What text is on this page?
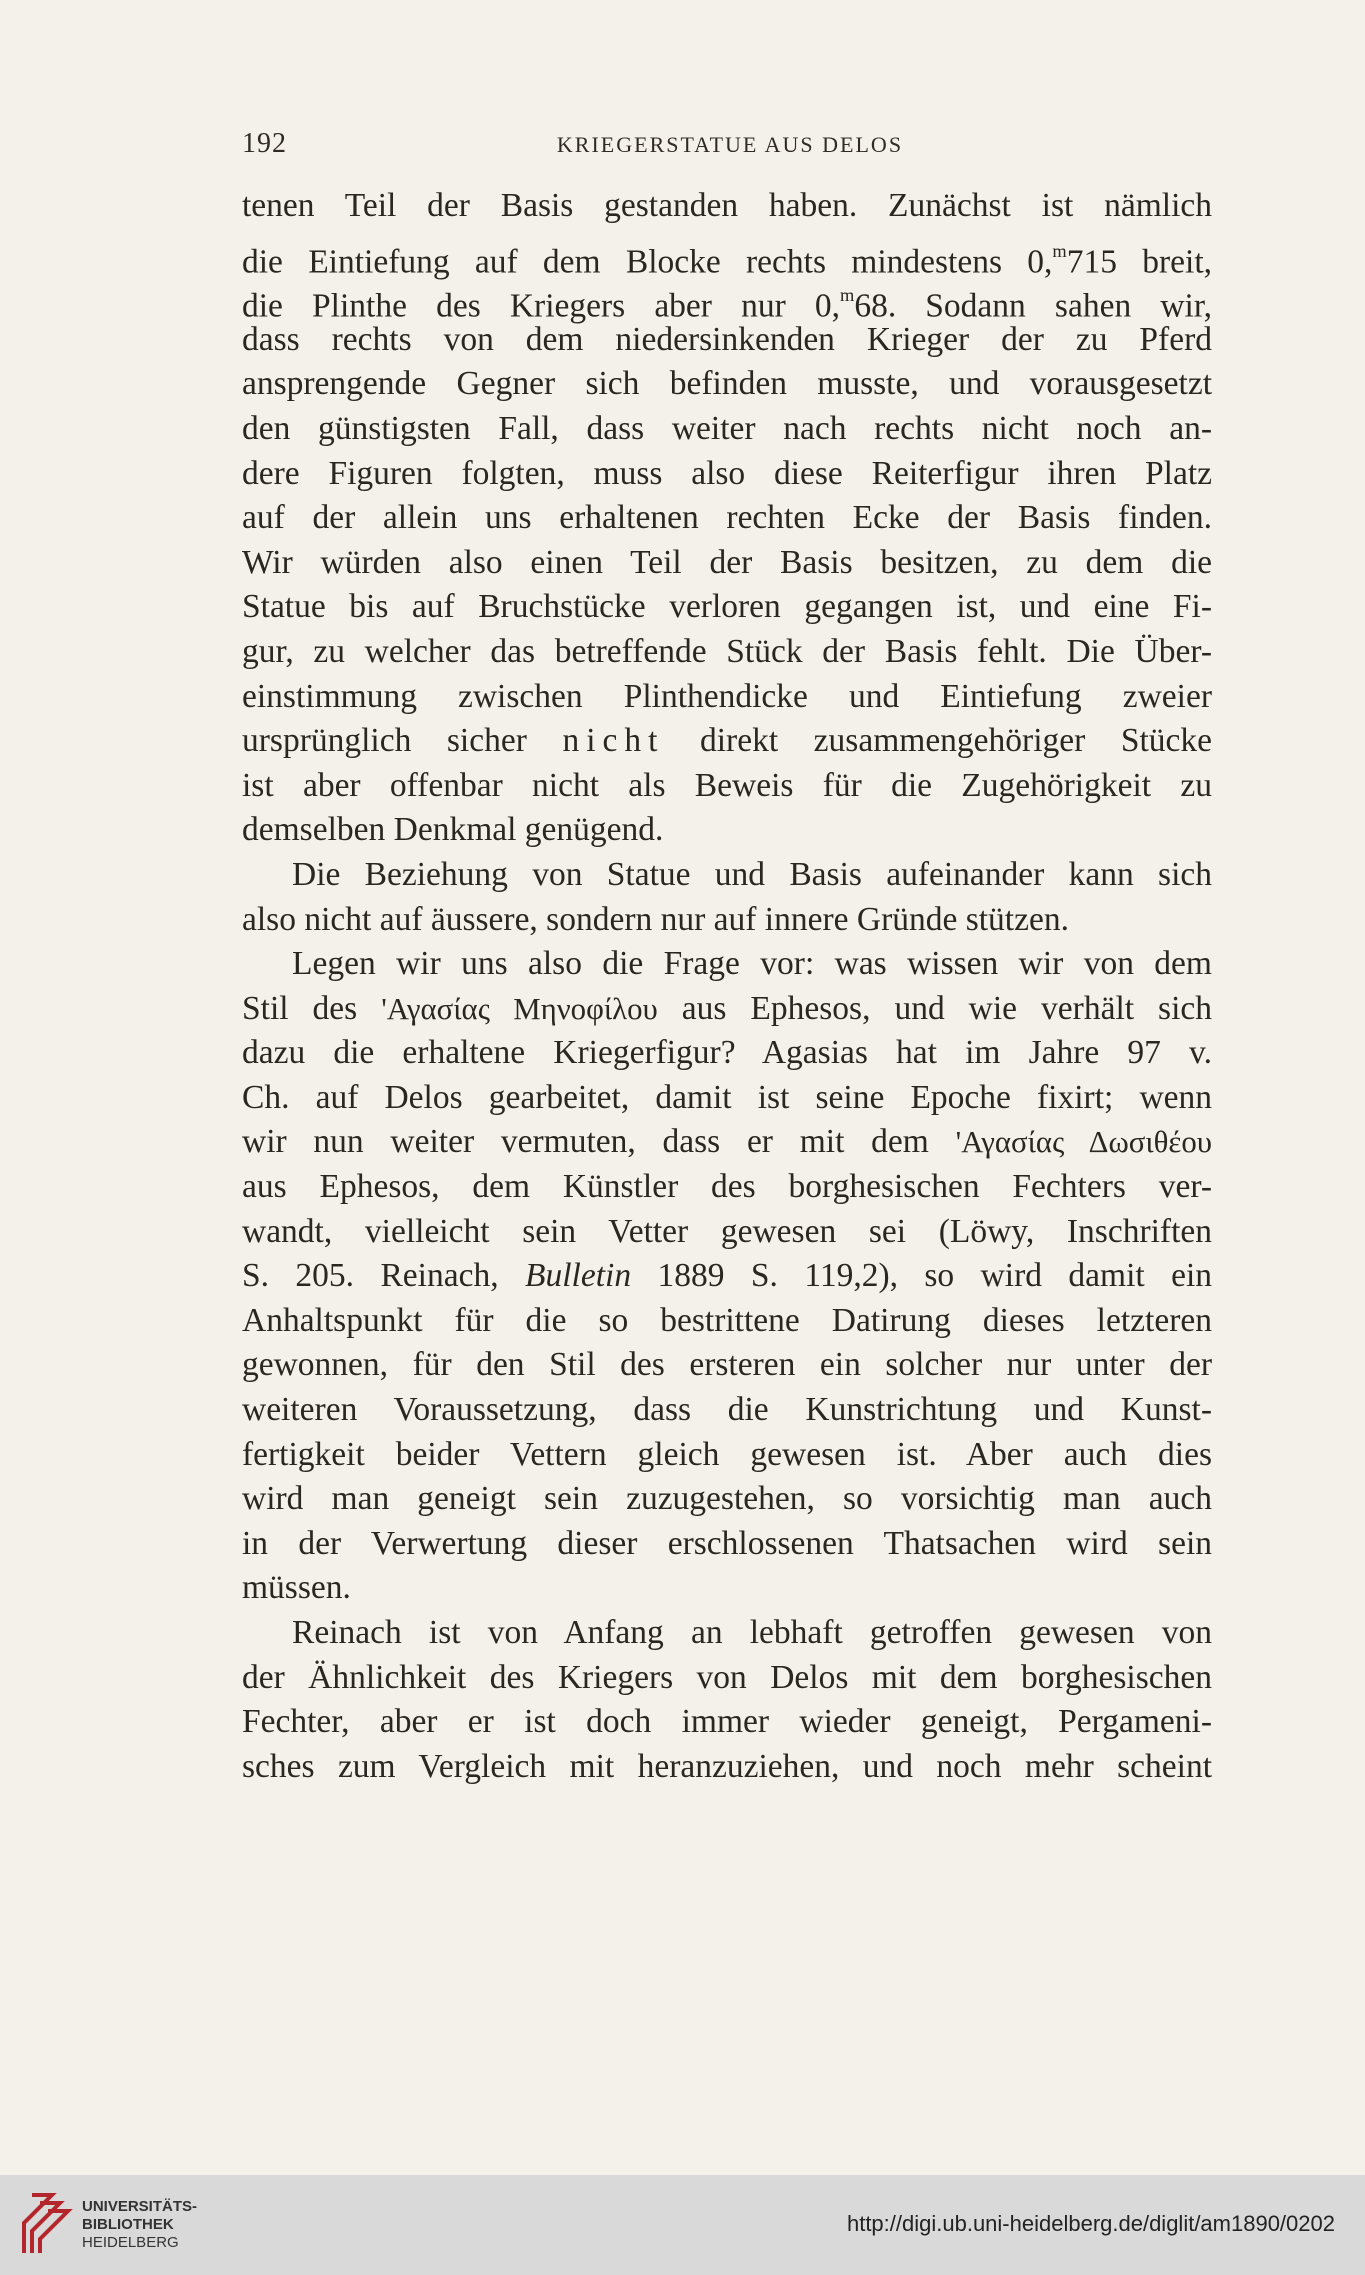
192	KRIEGERSTATUE AUS DELOS
tenen Teil der Basis gestanden haben. Zunächst ist nämlich
die Eintiefung auf dem Blocke rechts mindestens 0,$^m$715 breit,
die Plinthe des Kriegers aber nur 0,$^m$68. Sodann sahen wir,
dass rechts von dem niedersinkenden Krieger der zu Pferd
ansprengende Gegner sich befinden musste, und vorausgesetzt
den günstigsten Fall, dass weiter nach rechts nicht noch an-
dere Figuren folgten, muss also diese Reiterfigur ihren Platz
auf der allein uns erhaltenen rechten Ecke der Basis finden.
Wir würden also einen Teil der Basis besitzen, zu dem die
Statue bis auf Bruchstücke verloren gegangen ist, und eine Fi-
gur, zu welcher das betreffende Stück der Basis fehlt. Die Über-
einstimmung zwischen Plinthendicke und Eintiefung zweier
ursprünglich sicher nicht direkt zusammengehöriger Stücke
ist aber offenbar nicht als Beweis für die Zugehörigkeit zu
demselben Denkmal genügend.
Die Beziehung von Statue und Basis aufeinander kann sich
also nicht auf äussere, sondern nur auf innere Gründe stützen.
Legen wir uns also die Frage vor: was wissen wir von dem
Stil des 'Αγασίας Μηνοφίλου aus Ephesos, und wie verhält sich
dazu die erhaltene Kriegerfigur? Agasias hat im Jahre 97 v.
Ch. auf Delos gearbeitet, damit ist seine Epoche fixirt; wenn
wir nun weiter vermuten, dass er mit dem 'Αγασίας Δωσιθέου
aus Ephesos, dem Künstler des borghesischen Fechters ver-
wandt, vielleicht sein Vetter gewesen sei (Löwy, Inschriften
S. 205. Reinach, Bulletin 1889 S. 119,2), so wird damit ein
Anhaltspunkt für die so bestrittene Datirung dieses letzteren
gewonnen, für den Stil des ersteren ein solcher nur unter der
weiteren Voraussetzung, dass die Kunstrichtung und Kunst-
fertigkeit beider Vettern gleich gewesen ist. Aber auch dies
wird man geneigt sein zuzugestehen, so vorsichtig man auch
in der Verwertung dieser erschlossenen Thatsachen wird sein
müssen.
Reinach ist von Anfang an lebhaft getroffen gewesen von
der Ähnlichkeit des Kriegers von Delos mit dem borghesischen
Fechter, aber er ist doch immer wieder geneigt, Pergameni-
sches zum Vergleich mit heranzuziehen, und noch mehr scheint
UNIVERSITÄTS-
BIBLIOTHEK
HEIDELBERG
http://digi.ub.uni-heidelberg.de/diglit/am1890/0202
